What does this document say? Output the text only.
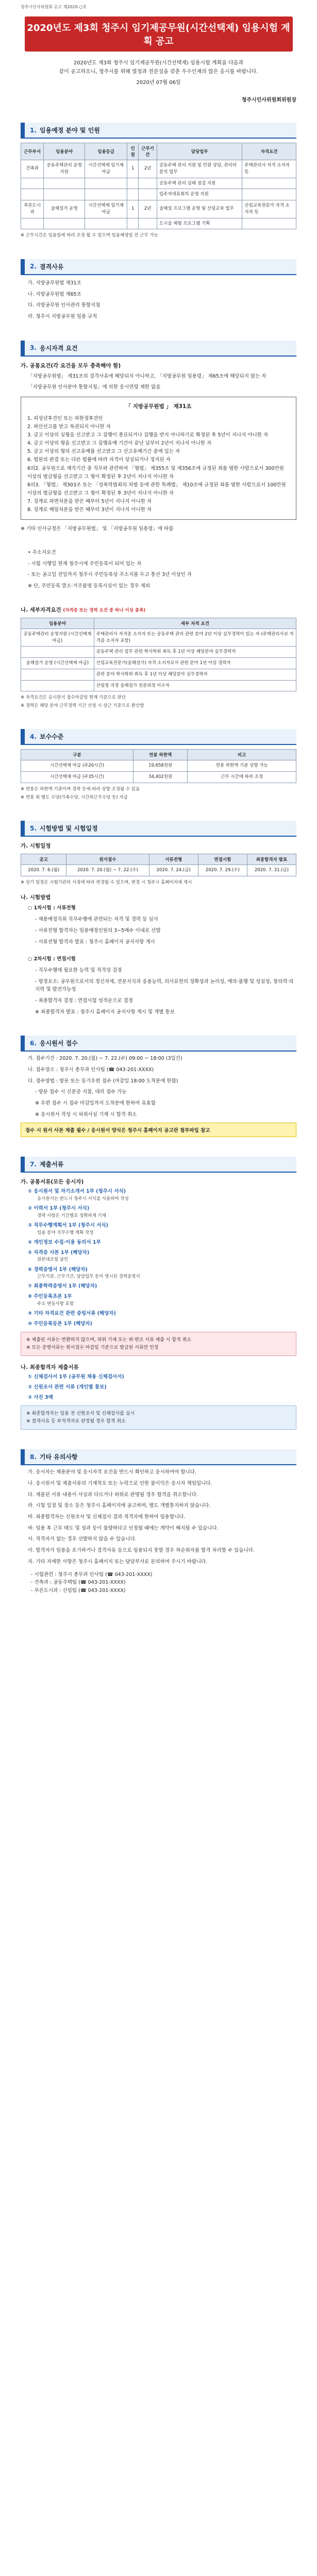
청주시인사위원회 공고 제2020-○호
2020년도 제3회 청주시 임기제공무원(시간선택제) 임용시험 계획 공고
2020년도 제3회 청주시 임기제공무원(시간선택제) 임용시험 계획을 다음과
같이 공고하오니, 청주시를 위해 열정과 전문성을 갖춘 우수인재의 많은 응시를 바랍니다.
2020년 07월 06일
청주시인사위원회위원장
1. 임용예정 분야 및 인원
근무부서	임용분야	임용등급	인원	근무기간	담당업무	자격요건
건축과	공동주택관리 운영지원	시간선택제 임기제 마급	1	2년	공동주택 관리 지원 및 민원 상담, 관리비 분석 업무	주택관리사 자격 소지자 등
					공동주택 관리 실태 점검 지원	
					입주자대표회의 운영 지원	
푸른도시과	숲해설가 운영	시간선택제 임기제 마급	1	2년	숲해설 프로그램 운영 및 산림교육 업무	산림교육전문가 자격 소지자 등
					도시숲 체험 프로그램 기획	
※ 근무시간은 임용일에 따라 조정 될 수 있으며 임용예정일 전 근무 가능
2. 결격사유
가. 지방공무원법 제31조
나. 지방공무원법 제65조
다. 지방공무원 인사관리 통합지침
라. 청주시 지방공무원 임용 규칙
3. 응시자격 요건
가. 공통요건(각 요건을 모두 충족해야 함)
「지방공무원법」 제31조의 결격사유에 해당되지 아니하고, 「지방공무원 임용령」 제65조에 해당되지 않는 자
「지방공무원 인사분야 통합지침」에 의한 응시연령 제한 없음
「 지방공무원법 」 제31조
1. 피성년후견인 또는 피한정후견인
2. 파산선고를 받고 복권되지 아니한 자
3. 금고 이상의 실형을 선고받고 그 집행이 종료되거나 집행을 받지 아니하기로 확정된 후 5년이 지나지 아니한 자
4. 금고 이상의 형을 선고받고 그 집행유예 기간이 끝난 날부터 2년이 지나지 아니한 자
5. 금고 이상의 형의 선고유예를 선고받고 그 선고유예기간 중에 있는 자
6. 법원의 판결 또는 다른 법률에 따라 자격이 상실되거나 정지된 자
6의2. 공무원으로 재직기간 중 직무와 관련하여 「형법」 제355조 및 제356조에 규정된 죄를 범한 사람으로서 300만원 이상의 벌금형을 선고받고 그 형이 확정된 후 2년이 지나지 아니한 자
6의3. 「형법」 제303조 또는 「성폭력범죄의 처벌 등에 관한 특례법」 제10조에 규정된 죄를 범한 사람으로서 100만원 이상의 벌금형을 선고받고 그 형이 확정된 후 3년이 지나지 아니한 자
7. 징계로 파면처분을 받은 때부터 5년이 지나지 아니한 자
8. 징계로 해임처분을 받은 때부터 3년이 지나지 아니한 자
※ 기타 인사규정은 「지방공무원법」 및 「지방공무원 임용령」에 따름
• 주소지요건
- 시험 시행일 현재 청주시에 주민등록이 되어 있는 자
- 또는 공고일 전일까지 청주시 주민등록상 주소지를 두고 통산 3년 이상인 자
※ 단, 주민등록 말소·거주불명 등록사실이 있는 경우 제외
나. 세부자격요건 (자격증 또는 경력 요건 중 하나 이상 충족)
임용분야	세부 자격 요건
공동주택관리 운영지원 (시간선택제 마급)	주택관리사 자격증 소지자 또는 공동주택 관리 관련 분야 2년 이상 실무경력이 있는 자 (주택관리사보 자격증 소지자 포함)
	공동주택 관리 업무 관련 학사학위 취득 후 1년 이상 해당분야 실무경력자
숲해설가 운영 (시간선택제 마급)	산림교육전문가(숲해설가) 자격 소지자로서 관련 분야 1년 이상 경력자
	관련 분야 학사학위 취득 후 1년 이상 해당분야 실무경력자
	산림청 지정 숲해설가 전문과정 이수자
※ 자격요건은 응시원서 접수마감일 현재 기준으로 판단
※ 경력은 해당 분야 근무경력 기간 산정 시 상근 기준으로 환산함
4. 보수수준
구분	연봉 하한액	비고
시간선택제 마급 (주20시간)	19,658천원	연봉 하한액 기준 상향 가능
시간선택제 마급 (주35시간)	34,402천원	근무 시간에 따라 조정
※ 연봉은 하한액 기준이며 경력 등에 따라 상향 조정될 수 있음
※ 연봉 외 별도 수당(가족수당, 시간외근무수당 등) 지급
5. 시험방법 및 시험일정
가. 시험일정
공고	원서접수	서류전형	면접시험	최종합격자 발표
2020. 7. 6.(월)	2020. 7. 20.(월) ~ 7. 22.(수)	2020. 7. 24.(금)	2020. 7. 29.(수)	2020. 7. 31.(금)
※ 상기 일정은 시험기관의 사정에 따라 변경될 수 있으며, 변경 시 청주시 홈페이지에 게시
나. 시험방법
○ 1차시험 : 서류전형
- 채용예정직위 직무수행에 관련되는 자격 및 경력 등 심사
- 서류전형 합격자는 임용예정인원의 3~5배수 이내로 선발
- 서류전형 합격자 발표 : 청주시 홈페이지 공지사항 게시
○ 2차시험 : 면접시험
- 직무수행에 필요한 능력 및 적격성 검정
- 평정요소: 공무원으로서의 정신자세, 전문지식과 응용능력, 의사표현의 정확성과 논리성, 예의·품행 및 성실성, 창의력·의지력 및 발전가능성
- 최종합격자 결정 : 면접시험 성적순으로 결정
※ 최종합격자 발표 : 청주시 홈페이지 공지사항 게시 및 개별 통보
6. 응시원서 접수
가. 접수기간 : 2020. 7. 20.(월) ~ 7. 22.(수) 09:00 ~ 18:00 (3일간)
나. 접수장소 : 청주시 총무과 인사팀 (☎ 043-201-XXXX)
다. 접수방법 : 방문 또는 등기우편 접수 (마감일 18:00 도착분에 한함)
- 방문 접수 시 신분증 지참, 대리 접수 가능
※ 우편 접수 시 접수 마감일까지 도착분에 한하여 유효함
※ 응시원서 작성 시 허위사실 기재 시 합격 취소
접수 시 원서 사본 제출 필수 / 응시원서 양식은 청주시 홈페이지 공고란 첨부파일 참고
7. 제출서류
가. 공통서류(모든 응시자)
① 응시원서 및 자기소개서 1부 (청주시 서식)
응시원서는 반드시 청주시 서식을 사용하여 작성
② 이력서 1부 (청주시 서식)
경력 사항은 기간별로 정확하게 기재
③ 직무수행계획서 1부 (청주시 서식)
임용 분야 직무수행 계획 작성
④ 개인정보 수집·이용 동의서 1부
⑤ 자격증 사본 1부 (해당자)
원본대조필 날인
⑥ 경력증명서 1부 (해당자)
근무기관, 근무기간, 담당업무 등이 명시된 경력증명서
⑦ 최종학력증명서 1부 (해당자)
⑧ 주민등록초본 1부
주소 변동사항 포함
⑨ 기타 자격요건 관련 증빙서류 (해당자)
⑩ 주민등록등본 1부 (해당자)
※ 제출된 서류는 반환하지 않으며, 허위 기재 또는 위·변조 서류 제출 시 합격 취소
※ 모든 증명서류는 원서접수 마감일 기준으로 발급된 서류만 인정
나. 최종합격자 제출서류
① 신체검사서 1부 (공무원 채용 신체검사서)
② 신원조사 관련 서류 (개인별 통보)
③ 사진 3매
※ 최종합격자는 임용 전 신원조사 및 신체검사를 실시
※ 결격사유 등 부적격자로 판정될 경우 합격 취소
8. 기타 유의사항
가. 응시자는 채용분야 및 응시자격 요건을 반드시 확인하고 응시하여야 합니다.
나. 응시원서 및 제출서류의 기재착오 또는 누락으로 인한 불이익은 응시자 책임입니다.
다. 제출된 서류 내용이 사실과 다르거나 허위로 판명될 경우 합격을 취소합니다.
라. 시험 일정 및 장소 등은 청주시 홈페이지에 공고하며, 별도 개별통지하지 않습니다.
마. 최종합격자는 신원조사 및 신체검사 결과 적격자에 한하여 임용합니다.
바. 임용 후 근무 태도 및 성과 등이 불량하다고 인정될 때에는 계약이 해지될 수 있습니다.
사. 적격자가 없는 경우 선발하지 않을 수 있습니다.
아. 합격자가 임용을 포기하거나 결격사유 등으로 임용되지 못할 경우 차순위자를 합격 처리할 수 있습니다.
자. 기타 자세한 사항은 청주시 홈페이지 또는 담당부서로 문의하여 주시기 바랍니다.
- 시험관련 : 청주시 총무과 인사팀 (☎ 043-201-XXXX)
- 건축과 : 공동주택팀 (☎ 043-201-XXXX)
- 푸른도시과 : 산림팀 (☎ 043-201-XXXX)
